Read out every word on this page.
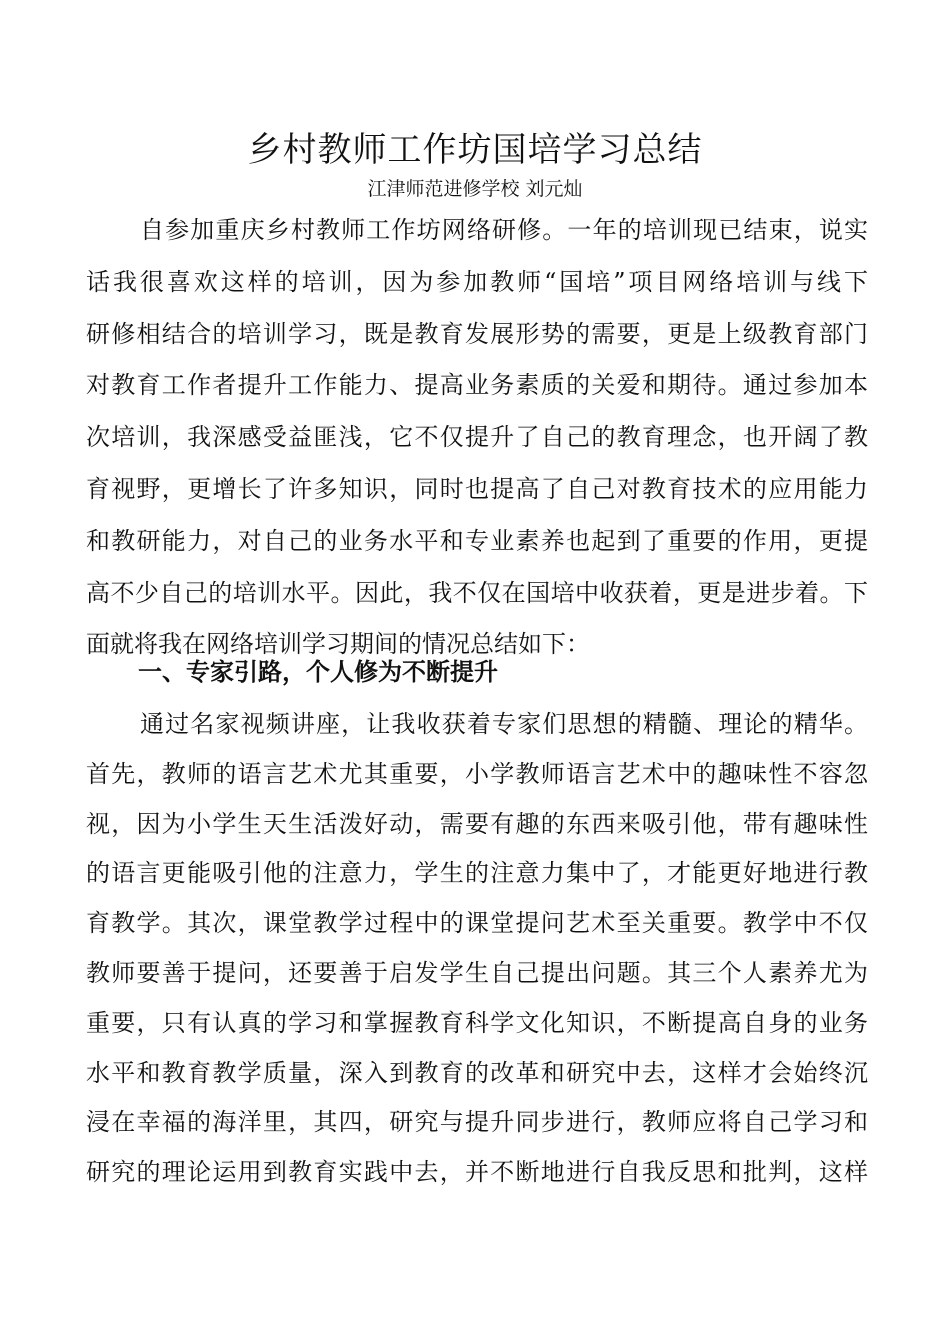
乡村教师工作坊国培学习总结
江津师范进修学校 刘元灿
自参加重庆乡村教师工作坊网络研修。一年的培训现已结束，说实
话我很喜欢这样的培训，因为参加教师“国培”项目网络培训与线下
研修相结合的培训学习，既是教育发展形势的需要，更是上级教育部门
对教育工作者提升工作能力、提高业务素质的关爱和期待。通过参加本
次培训，我深感受益匪浅，它不仅提升了自己的教育理念，也开阔了教
育视野，更增长了许多知识，同时也提高了自己对教育技术的应用能力
和教研能力，对自己的业务水平和专业素养也起到了重要的作用，更提
高不少自己的培训水平。因此，我不仅在国培中收获着，更是进步着。下
面就将我在网络培训学习期间的情况总结如下：
一、专家引路，个人修为不断提升
通过名家视频讲座，让我收获着专家们思想的精髓、理论的精华。
首先，教师的语言艺术尤其重要，小学教师语言艺术中的趣味性不容忽
视，因为小学生天生活泼好动，需要有趣的东西来吸引他，带有趣味性
的语言更能吸引他的注意力，学生的注意力集中了，才能更好地进行教
育教学。其次，课堂教学过程中的课堂提问艺术至关重要。教学中不仅
教师要善于提问，还要善于启发学生自己提出问题。其三个人素养尤为
重要，只有认真的学习和掌握教育科学文化知识，不断提高自身的业务
水平和教育教学质量，深入到教育的改革和研究中去，这样才会始终沉
浸在幸福的海洋里，其四，研究与提升同步进行，教师应将自己学习和
研究的理论运用到教育实践中去，并不断地进行自我反思和批判，这样
